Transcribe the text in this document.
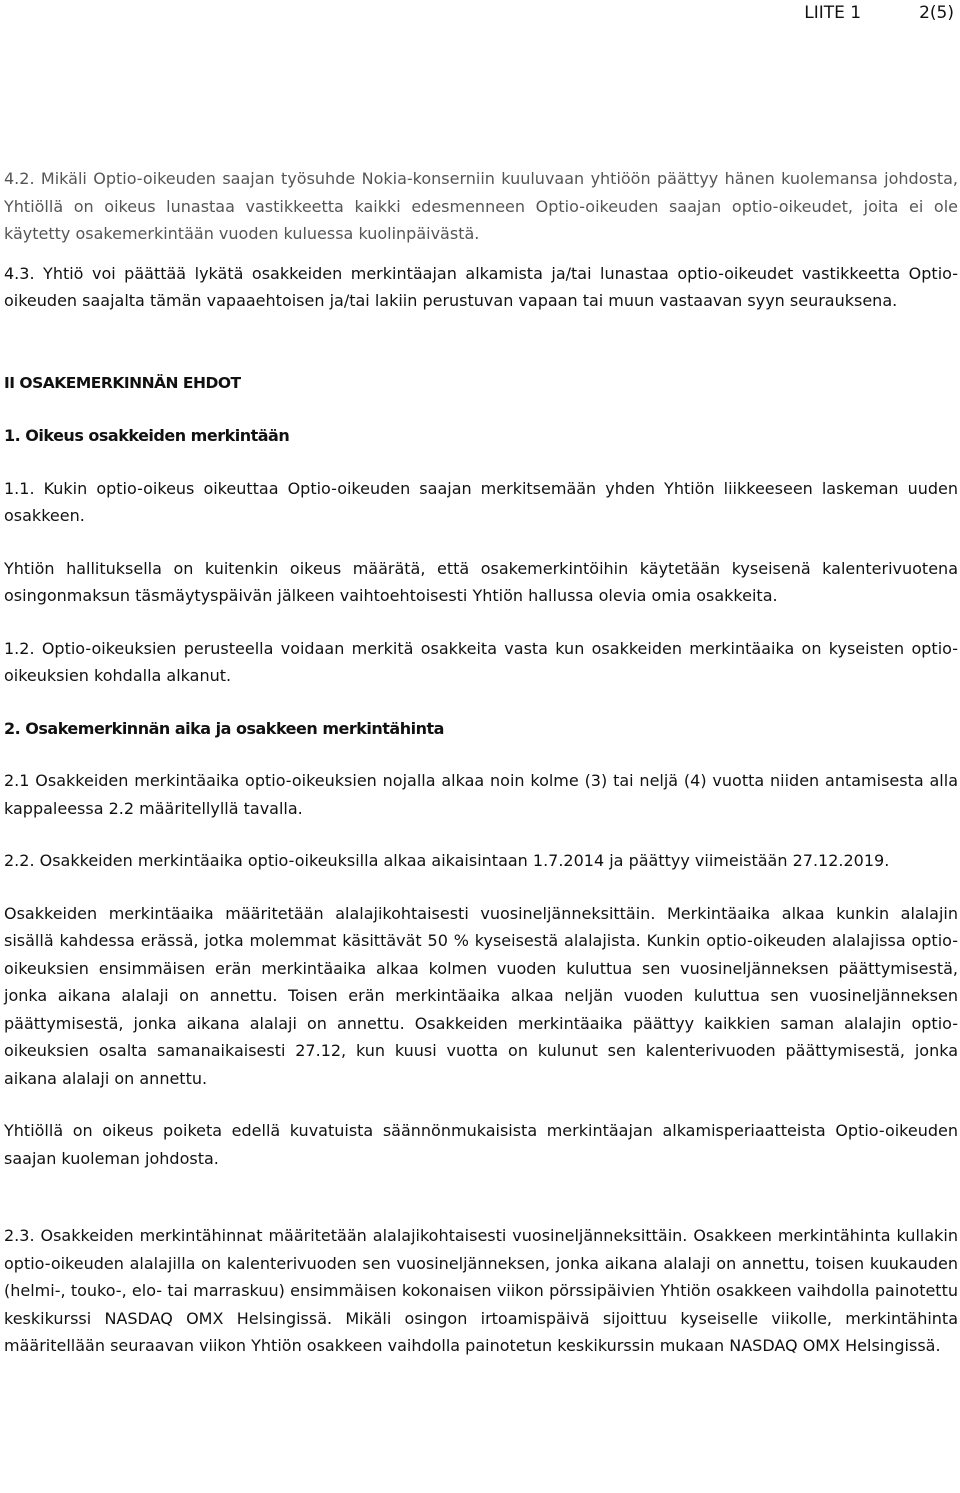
LIITE 1	2(5)

4.2. Mikäli Optio-oikeuden saajan työsuhde Nokia-konserniin kuuluvaan yhtiöön päättyy hänen kuolemansa johdosta, Yhtiöllä on oikeus lunastaa vastikkeetta kaikki edesmenneen Optio-oikeuden saajan optio-oikeudet, joita ei ole käytetty osakemerkintään vuoden kuluessa kuolinpäivästä.

4.3. Yhtiö voi päättää lykätä osakkeiden merkintäajan alkamista ja/tai lunastaa optio-oikeudet vastikkeetta Optio-oikeuden saajalta tämän vapaaehtoisen ja/tai lakiin perustuvan vapaan tai muun vastaavan syyn seurauksena.

II OSAKEMERKINNÄN EHDOT
1. Oikeus osakkeiden merkintään

1.1. Kukin optio-oikeus oikeuttaa Optio-oikeuden saajan merkitsemään yhden Yhtiön liikkeeseen laskeman uuden osakkeen.

Yhtiön hallituksella on kuitenkin oikeus määrätä, että osakemerkintöihin käytetään kyseisenä kalenterivuotena osingonmaksun täsmäytyspäivän jälkeen vaihtoehtoisesti Yhtiön hallussa olevia omia osakkeita.

1.2. Optio-oikeuksien perusteella voidaan merkitä osakkeita vasta kun osakkeiden merkintäaika on kyseisten optio-oikeuksien kohdalla alkanut.

2. Osakemerkinnän aika ja osakkeen merkintähinta

2.1 Osakkeiden merkintäaika optio-oikeuksien nojalla alkaa noin kolme (3) tai neljä (4) vuotta niiden antamisesta alla kappaleessa 2.2 määritellyllä tavalla.

2.2. Osakkeiden merkintäaika optio-oikeuksilla alkaa aikaisintaan 1.7.2014 ja päättyy viimeistään 27.12.2019.

Osakkeiden merkintäaika määritetään alalajikohtaisesti vuosineljänneksittäin. Merkintäaika alkaa kunkin alalajin sisällä kahdessa erässä, jotka molemmat käsittävät 50 % kyseisestä alalajista. Kunkin optio-oikeuden alalajissa optio-oikeuksien ensimmäisen erän merkintäaika alkaa kolmen vuoden kuluttua sen vuosineljänneksen päättymisestä, jonka aikana alalaji on annettu. Toisen erän merkintäaika alkaa neljän vuoden kuluttua sen vuosineljänneksen päättymisestä, jonka aikana alalaji on annettu. Osakkeiden merkintäaika päättyy kaikkien saman alalajin optio-oikeuksien osalta samanaikaisesti 27.12, kun kuusi vuotta on kulunut sen kalenterivuoden päättymisestä, jonka aikana alalaji on annettu.

Yhtiöllä on oikeus poiketa edellä kuvatuista säännönmukaisista merkintäajan alkamisperiaatteista Optio-oikeuden saajan kuoleman johdosta.

2.3. Osakkeiden merkintähinnat määritetään alalajikohtaisesti vuosineljänneksittäin. Osakkeen merkintähinta kullakin optio-oikeuden alalajilla on kalenterivuoden sen vuosineljänneksen, jonka aikana alalaji on annettu, toisen kuukauden (helmi-, touko-, elo- tai marraskuu) ensimmäisen kokonaisen viikon pörssipäivien Yhtiön osakkeen vaihdolla painotettu keskikurssi NASDAQ OMX Helsingissä. Mikäli osingon irtoamispäivä sijoittuu kyseiselle viikolle, merkintähinta määritellään seuraavan viikon Yhtiön osakkeen vaihdolla painotetun keskikurssin mukaan NASDAQ OMX Helsingissä.
